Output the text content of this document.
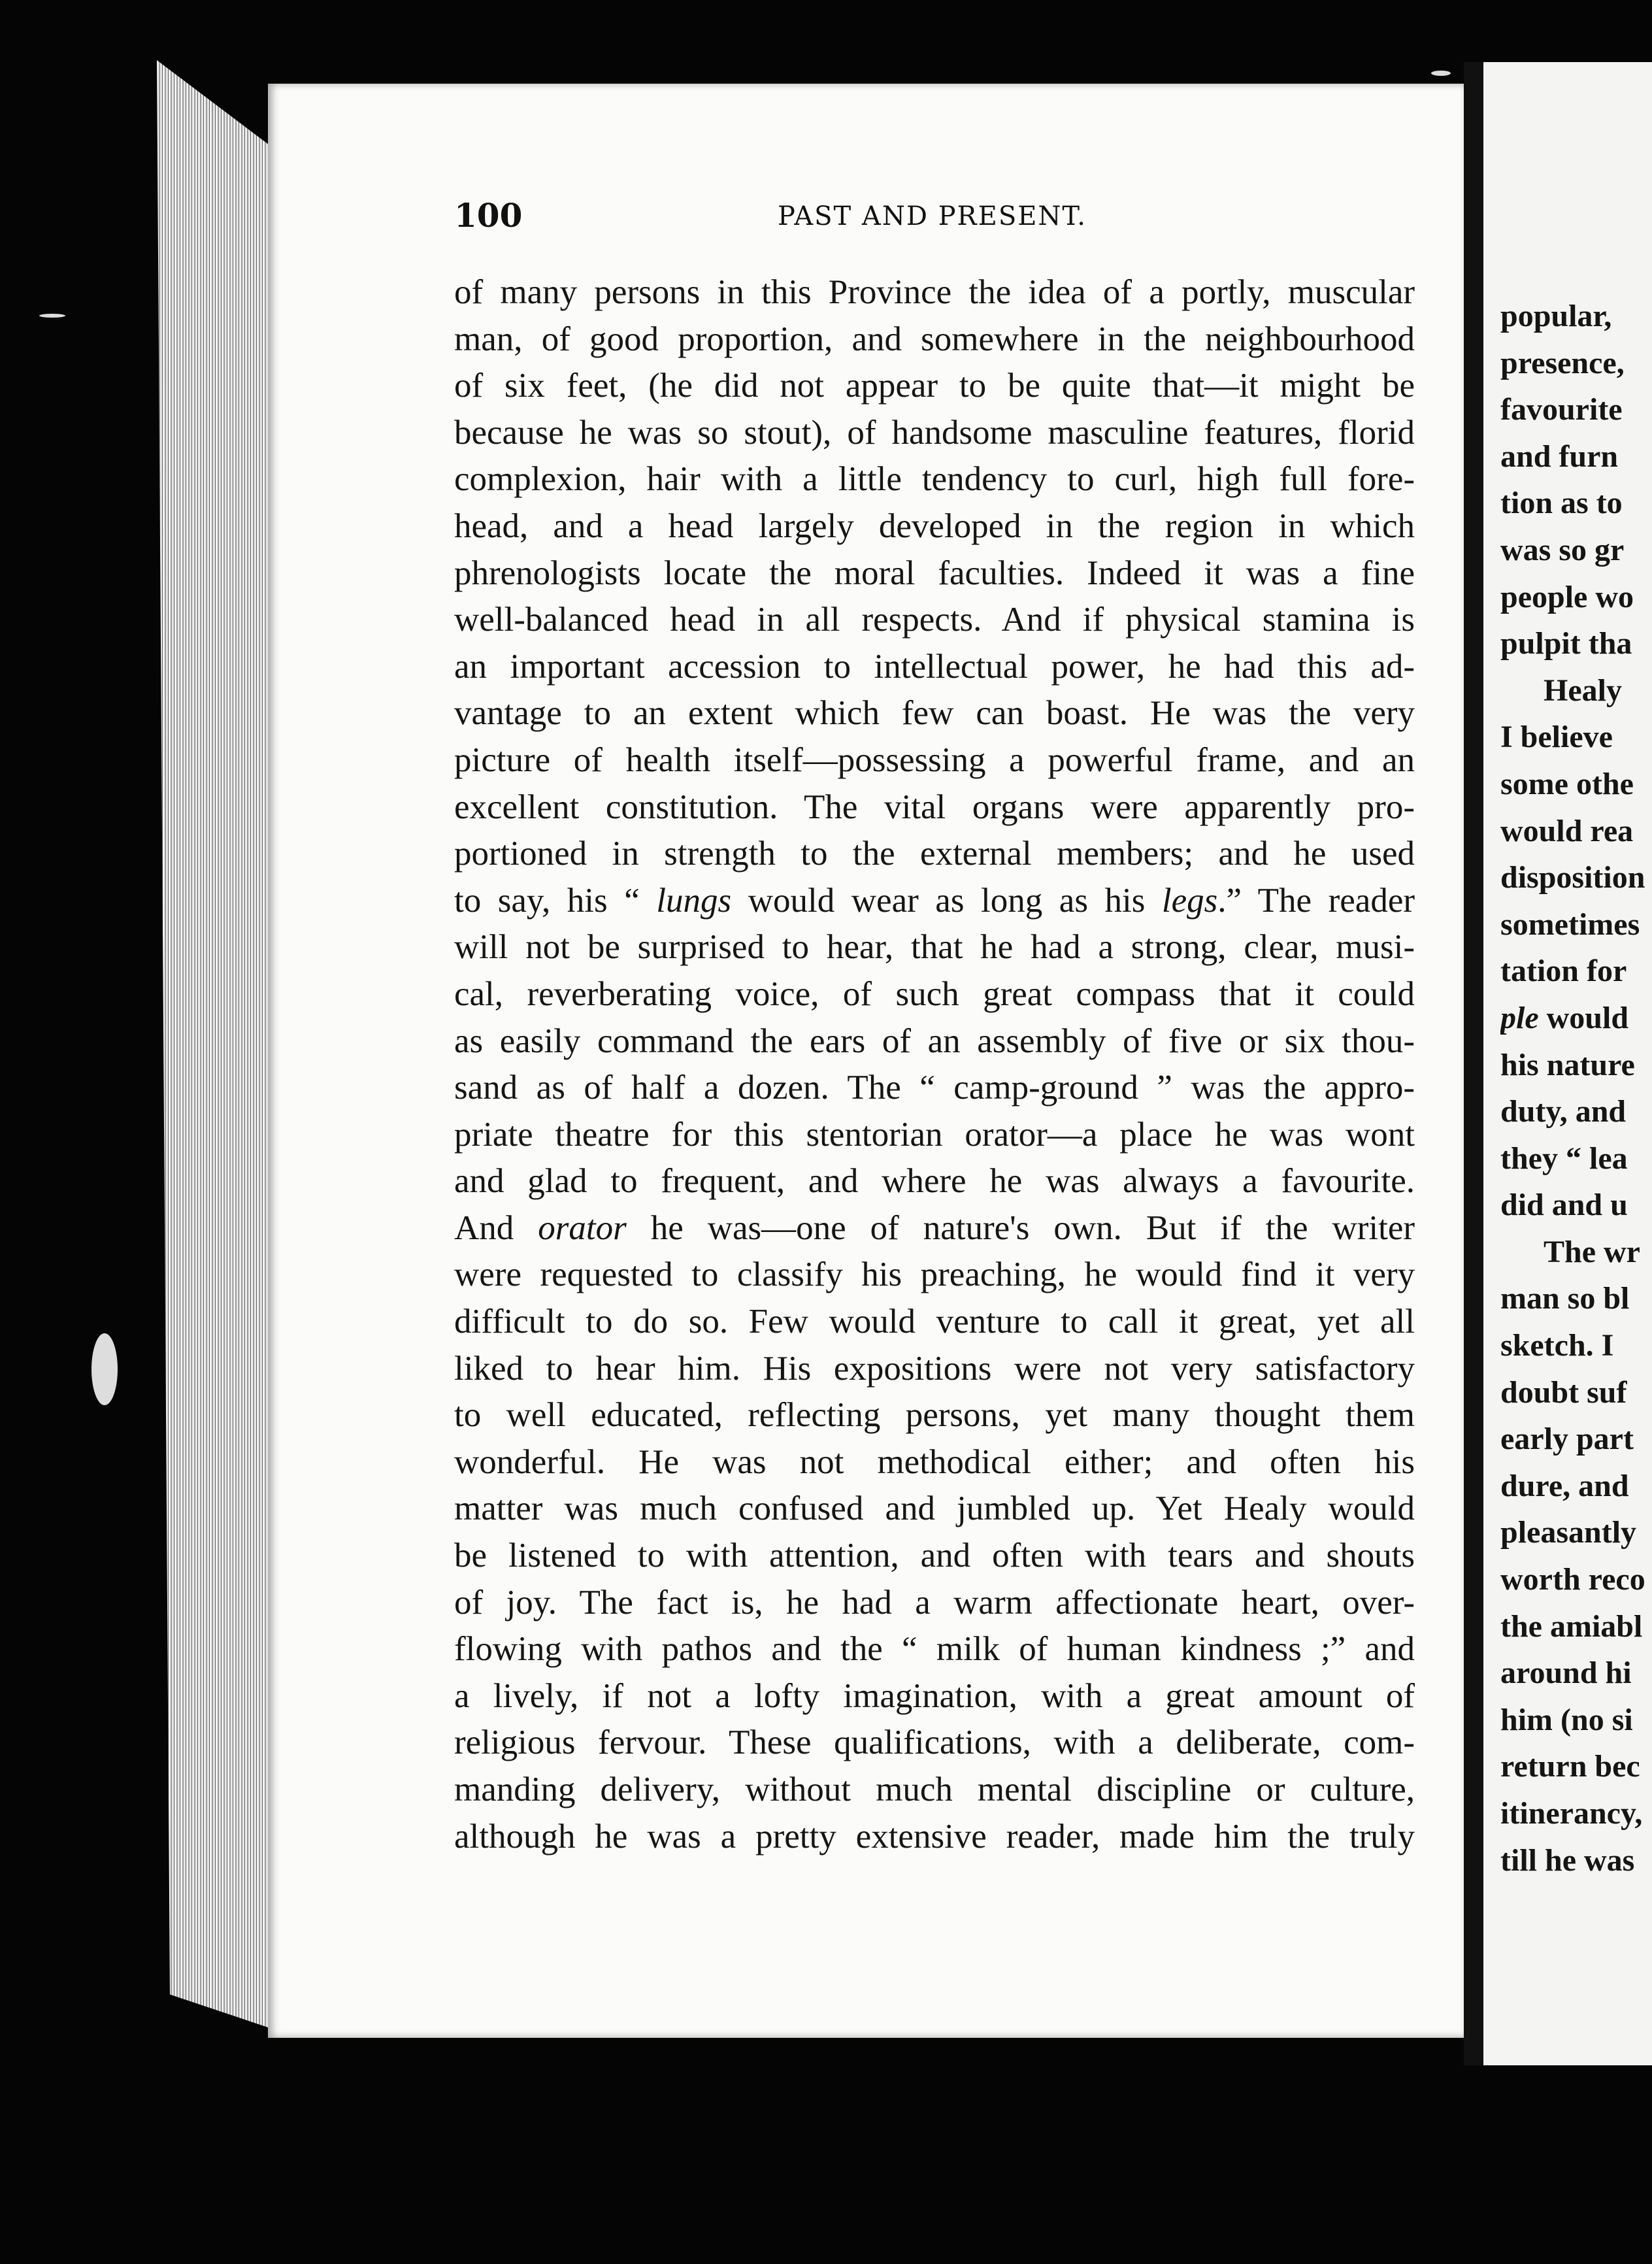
100	PAST AND PRESENT.
of many persons in this Province the idea of a portly, muscular
man, of good proportion, and somewhere in the neighbourhood
of six feet, (he did not appear to be quite that—it might be
because he was so stout), of handsome masculine features, florid
complexion, hair with a little tendency to curl, high full fore-
head, and a head largely developed in the region in which
phrenologists locate the moral faculties. Indeed it was a fine
well-balanced head in all respects. And if physical stamina is
an important accession to intellectual power, he had this ad-
vantage to an extent which few can boast. He was the very
picture of health itself—possessing a powerful frame, and an
excellent constitution. The vital organs were apparently pro-
portioned in strength to the external members; and he used
to say, his “ lungs would wear as long as his legs.” The reader
will not be surprised to hear, that he had a strong, clear, musi-
cal, reverberating voice, of such great compass that it could
as easily command the ears of an assembly of five or six thou-
sand as of half a dozen. The “ camp-ground ” was the appro-
priate theatre for this stentorian orator—a place he was wont
and glad to frequent, and where he was always a favourite.
And orator he was—one of nature's own. But if the writer
were requested to classify his preaching, he would find it very
difficult to do so. Few would venture to call it great, yet all
liked to hear him. His expositions were not very satisfactory
to well educated, reflecting persons, yet many thought them
wonderful. He was not methodical either; and often his
matter was much confused and jumbled up. Yet Healy would
be listened to with attention, and often with tears and shouts
of joy. The fact is, he had a warm affectionate heart, over-
flowing with pathos and the “ milk of human kindness ;” and
a lively, if not a lofty imagination, with a great amount of
religious fervour. These qualifications, with a deliberate, com-
manding delivery, without much mental discipline or culture,
although he was a pretty extensive reader, made him the truly
popular,
presence,
favourite
and furn
tion as to
was so gr
people wo
pulpit tha
Healy
I believe
some othe
would rea
disposition
sometimes
tation for
ple would
his nature
duty, and
they “ lea
did and u
The wr
man so bl
sketch. I
doubt suf
early part
dure, and
pleasantly
worth reco
the amiabl
around hi
him (no si
return bec
itinerancy,
till he was
